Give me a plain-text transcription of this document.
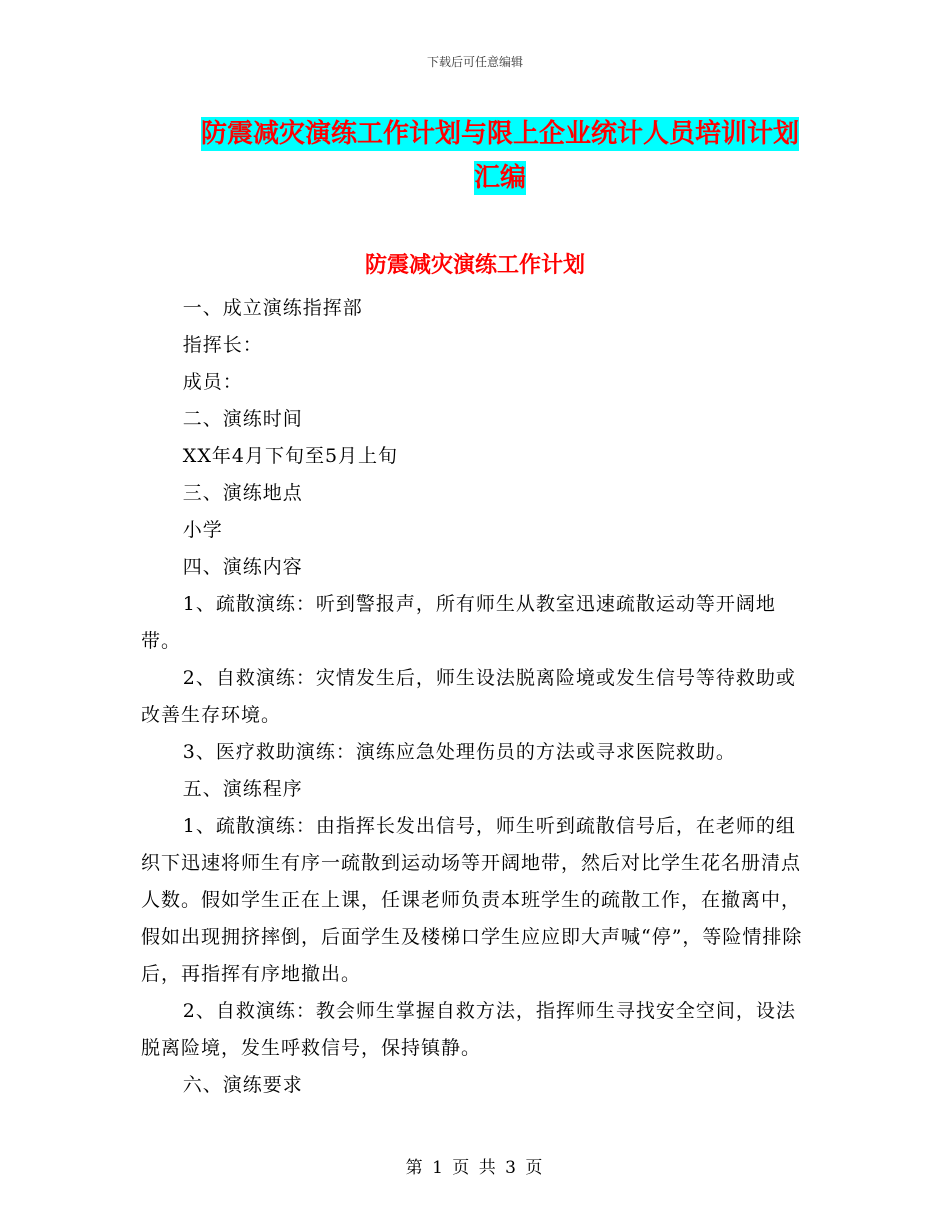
下载后可任意编辑
防震减灾演练工作计划与限上企业统计人员培训计划汇编
防震减灾演练工作计划

一、成立演练指挥部

指挥长：

成员：

二、演练时间

XX年4月下旬至5月上旬

三、演练地点

小学

四、演练内容

1、疏散演练：听到警报声，所有师生从教室迅速疏散运动等开阔地带。

2、自救演练：灾情发生后，师生设法脱离险境或发生信号等待救助或改善生存环境。

3、医疗救助演练：演练应急处理伤员的方法或寻求医院救助。

五、演练程序

1、疏散演练：由指挥长发出信号，师生听到疏散信号后，在老师的组织下迅速将师生有序一疏散到运动场等开阔地带，然后对比学生花名册清点人数。假如学生正在上课，任课老师负责本班学生的疏散工作，在撤离中，假如出现拥挤摔倒，后面学生及楼梯口学生应应即大声喊“停”，等险情排除后，再指挥有序地撤出。

2、自救演练：教会师生掌握自救方法，指挥师生寻找安全空间，设法脱离险境，发生呼救信号，保持镇静。

六、演练要求

第 1 页 共 3 页
